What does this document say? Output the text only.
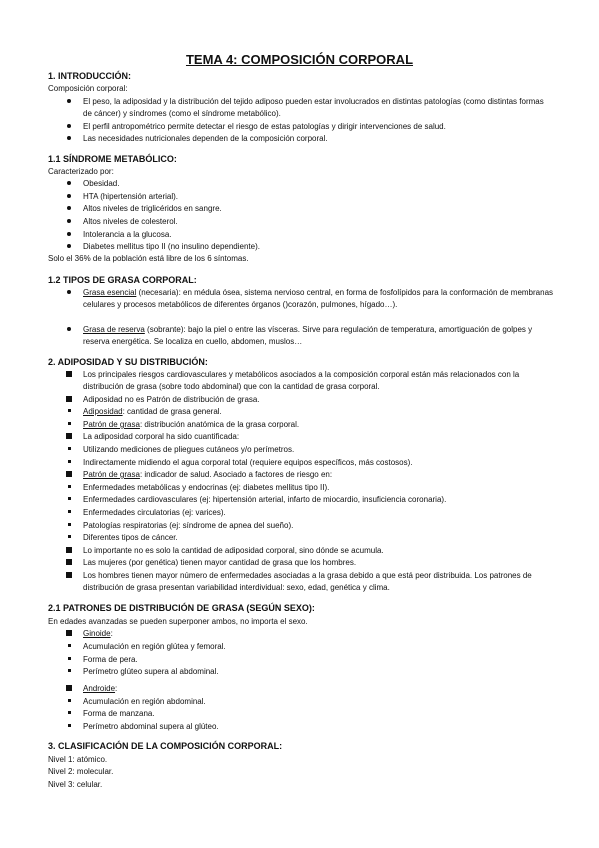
TEMA 4: COMPOSICIÓN CORPORAL
1. INTRODUCCIÓN:
Composición corporal:
El peso, la adiposidad y la distribución del tejido adiposo pueden estar involucrados en distintas patologías (como distintas formas de cáncer) y síndromes (como el síndrome metabólico).
El perfil antropométrico permite detectar el riesgo de estas patologías y dirigir intervenciones de salud.
Las necesidades nutricionales dependen de la composición corporal.
1.1 SÍNDROME METABÓLICO:
Caracterizado por:
Obesidad.
HTA (hipertensión arterial).
Altos niveles de triglicéridos en sangre.
Altos niveles de colesterol.
Intolerancia a la glucosa.
Diabetes mellitus tipo II (no insulino dependiente).
Solo el 36% de la población está libre de los 6 síntomas.
1.2 TIPOS DE GRASA CORPORAL:
Grasa esencial (necesaria): en médula ósea, sistema nervioso central, en forma de fosfolípidos para la conformación de membranas celulares y procesos metabólicos de diferentes órganos ()corazón, pulmones, hígado…).
Grasa de reserva (sobrante): bajo la piel o entre las vísceras. Sirve para regulación de temperatura, amortiguación de golpes y reserva energética. Se localiza en cuello, abdomen, muslos…
2. ADIPOSIDAD Y SU DISTRIBUCIÓN:
Los principales riesgos cardiovasculares y metabólicos asociados a la composición corporal están más relacionados con la distribución de grasa (sobre todo abdominal) que con la cantidad de grasa corporal.
Adiposidad no es Patrón de distribución de grasa.
Adiposidad: cantidad de grasa general.
Patrón de grasa: distribución anatómica de la grasa corporal.
La adiposidad corporal ha sido cuantificada:
Utilizando mediciones de pliegues cutáneos y/o perímetros.
Indirectamente midiendo el agua corporal total (requiere equipos específicos, más costosos).
Patrón de grasa: indicador de salud. Asociado a factores de riesgo en:
Enfermedades metabólicas y endocrinas (ej: diabetes mellitus tipo II).
Enfermedades cardiovasculares (ej: hipertensión arterial, infarto de miocardio, insuficiencia coronaria).
Enfermedades circulatorias (ej: varices).
Patologías respiratorias (ej: síndrome de apnea del sueño).
Diferentes tipos de cáncer.
Lo importante no es solo la cantidad de adiposidad corporal, sino dónde se acumula.
Las mujeres (por genética) tienen mayor cantidad de grasa que los hombres.
Los hombres tienen mayor número de enfermedades asociadas a la grasa debido a que está peor distribuida. Los patrones de distribución de grasa presentan variabilidad interdividual: sexo, edad, genética y clima.
2.1 PATRONES DE DISTRIBUCIÓN DE GRASA (SEGÚN SEXO):
En edades avanzadas se pueden superponer ambos, no importa el sexo.
Ginoide:
Acumulación en región glútea y femoral.
Forma de pera.
Perímetro glúteo supera al abdominal.
Androide:
Acumulación en región abdominal.
Forma de manzana.
Perímetro abdominal supera al glúteo.
3. CLASIFICACIÓN DE LA COMPOSICIÓN CORPORAL:
Nivel 1: atómico.
Nivel 2: molecular.
Nivel 3: celular.
